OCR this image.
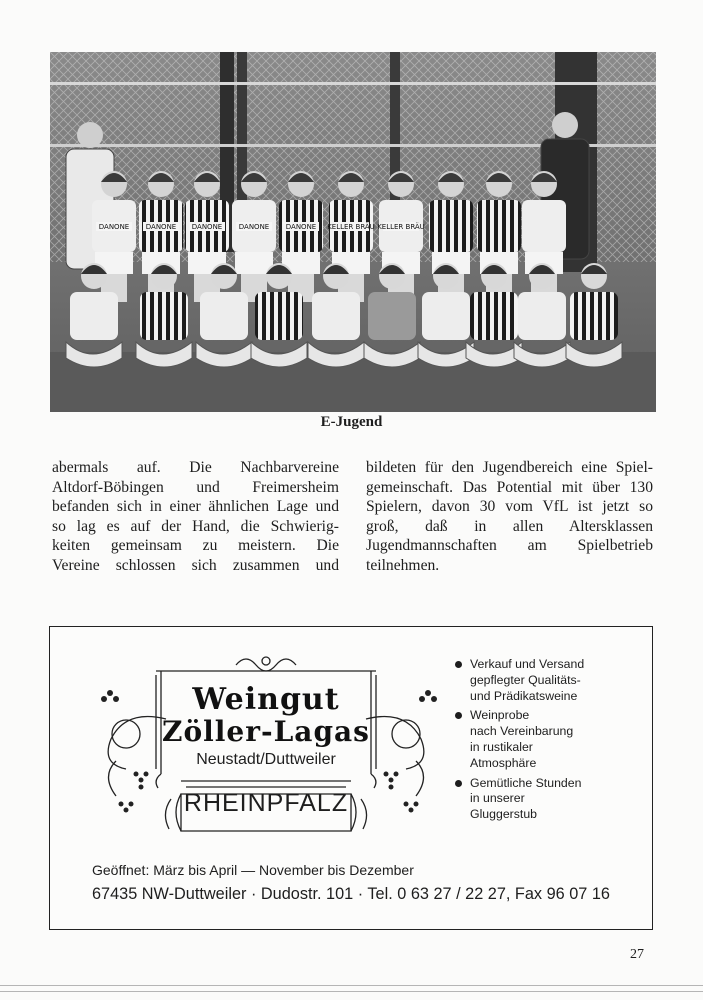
DANONE DANONE DANONE DANONE DANONE KELLER BRÄU KELLER BRÄU
E-Jugend
abermals auf. Die Nachbarvereine
Altdorf-Böbingen und Freimersheim
befanden sich in einer ähnlichen Lage und
so lag es auf der Hand, die Schwierig-
keiten gemeinsam zu meistern. Die
Vereine schlossen sich zusammen und
bildeten für den Jugendbereich eine Spiel-
gemeinschaft. Das Potential mit über 130
Spielern, davon 30 vom VfL ist jetzt so
groß, daß in allen Altersklassen
Jugendmannschaften am Spielbetrieb
teilnehmen.
Weingut
Zöller-Lagas
Neustadt/Duttweiler
RHEINPFALZ
Verkauf und Versand
gepflegter Qualitäts-
und Prädikatsweine
Weinprobe
nach Vereinbarung
in rustikaler
Atmosphäre
Gemütliche Stunden
in unserer
Gluggerstub
Geöffnet: März bis April — November bis Dezember
67435 NW-Duttweiler · Dudostr. 101 · Tel. 0 63 27 / 22 27, Fax 96 07 16
27
